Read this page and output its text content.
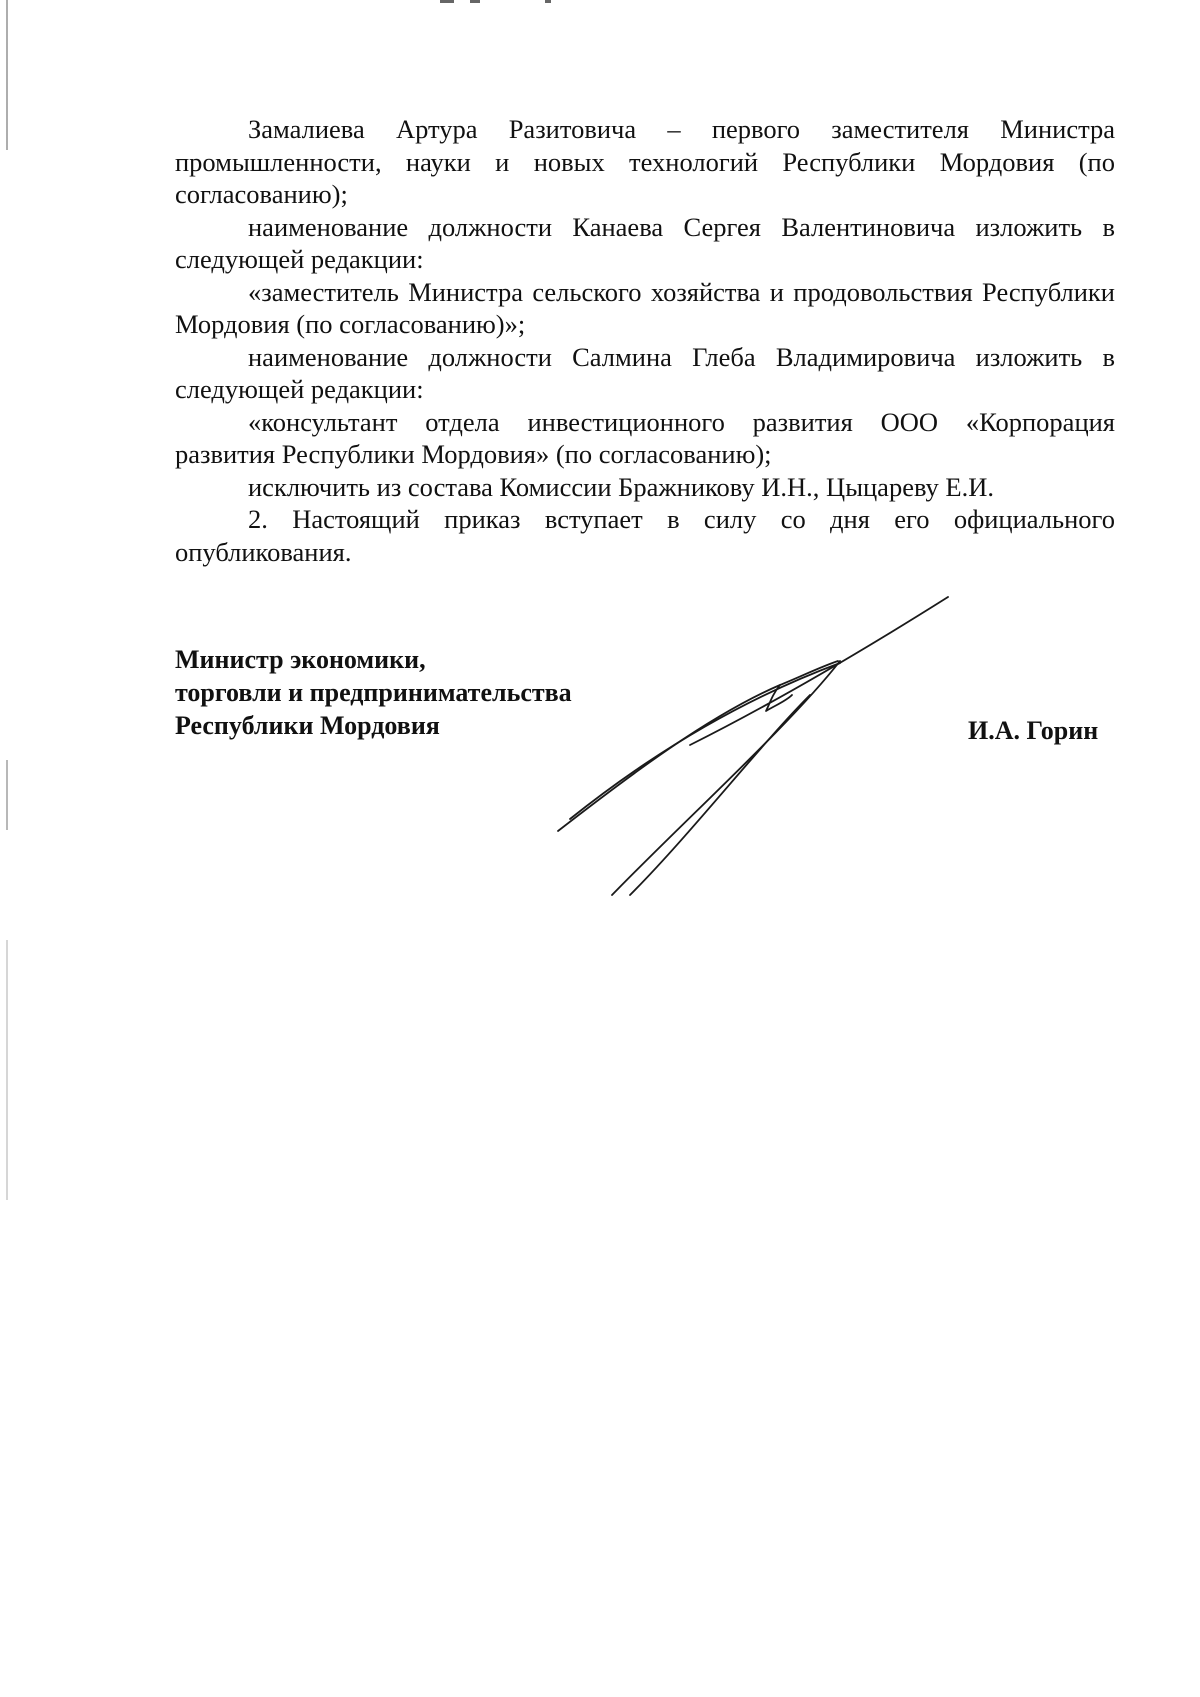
Замалиева Артура Разитовича – первого заместителя Министра промышленности, науки и новых технологий Республики Мордовия (по согласованию);

наименование должности Канаева Сергея Валентиновича изложить в следующей редакции:

«заместитель Министра сельского хозяйства и продовольствия Республики Мордовия (по согласованию)»;

наименование должности Салмина Глеба Владимировича изложить в следующей редакции:

«консультант отдела инвестиционного развития ООО «Корпорация развития Республики Мордовия» (по согласованию);

исключить из состава Комиссии Бражникову И.Н., Цыцареву Е.И.

2. Настоящий приказ вступает в силу со дня его официального опубликования.

Министр экономики,
торговли и предпринимательства
Республики Мордовия	И.А. Горин
